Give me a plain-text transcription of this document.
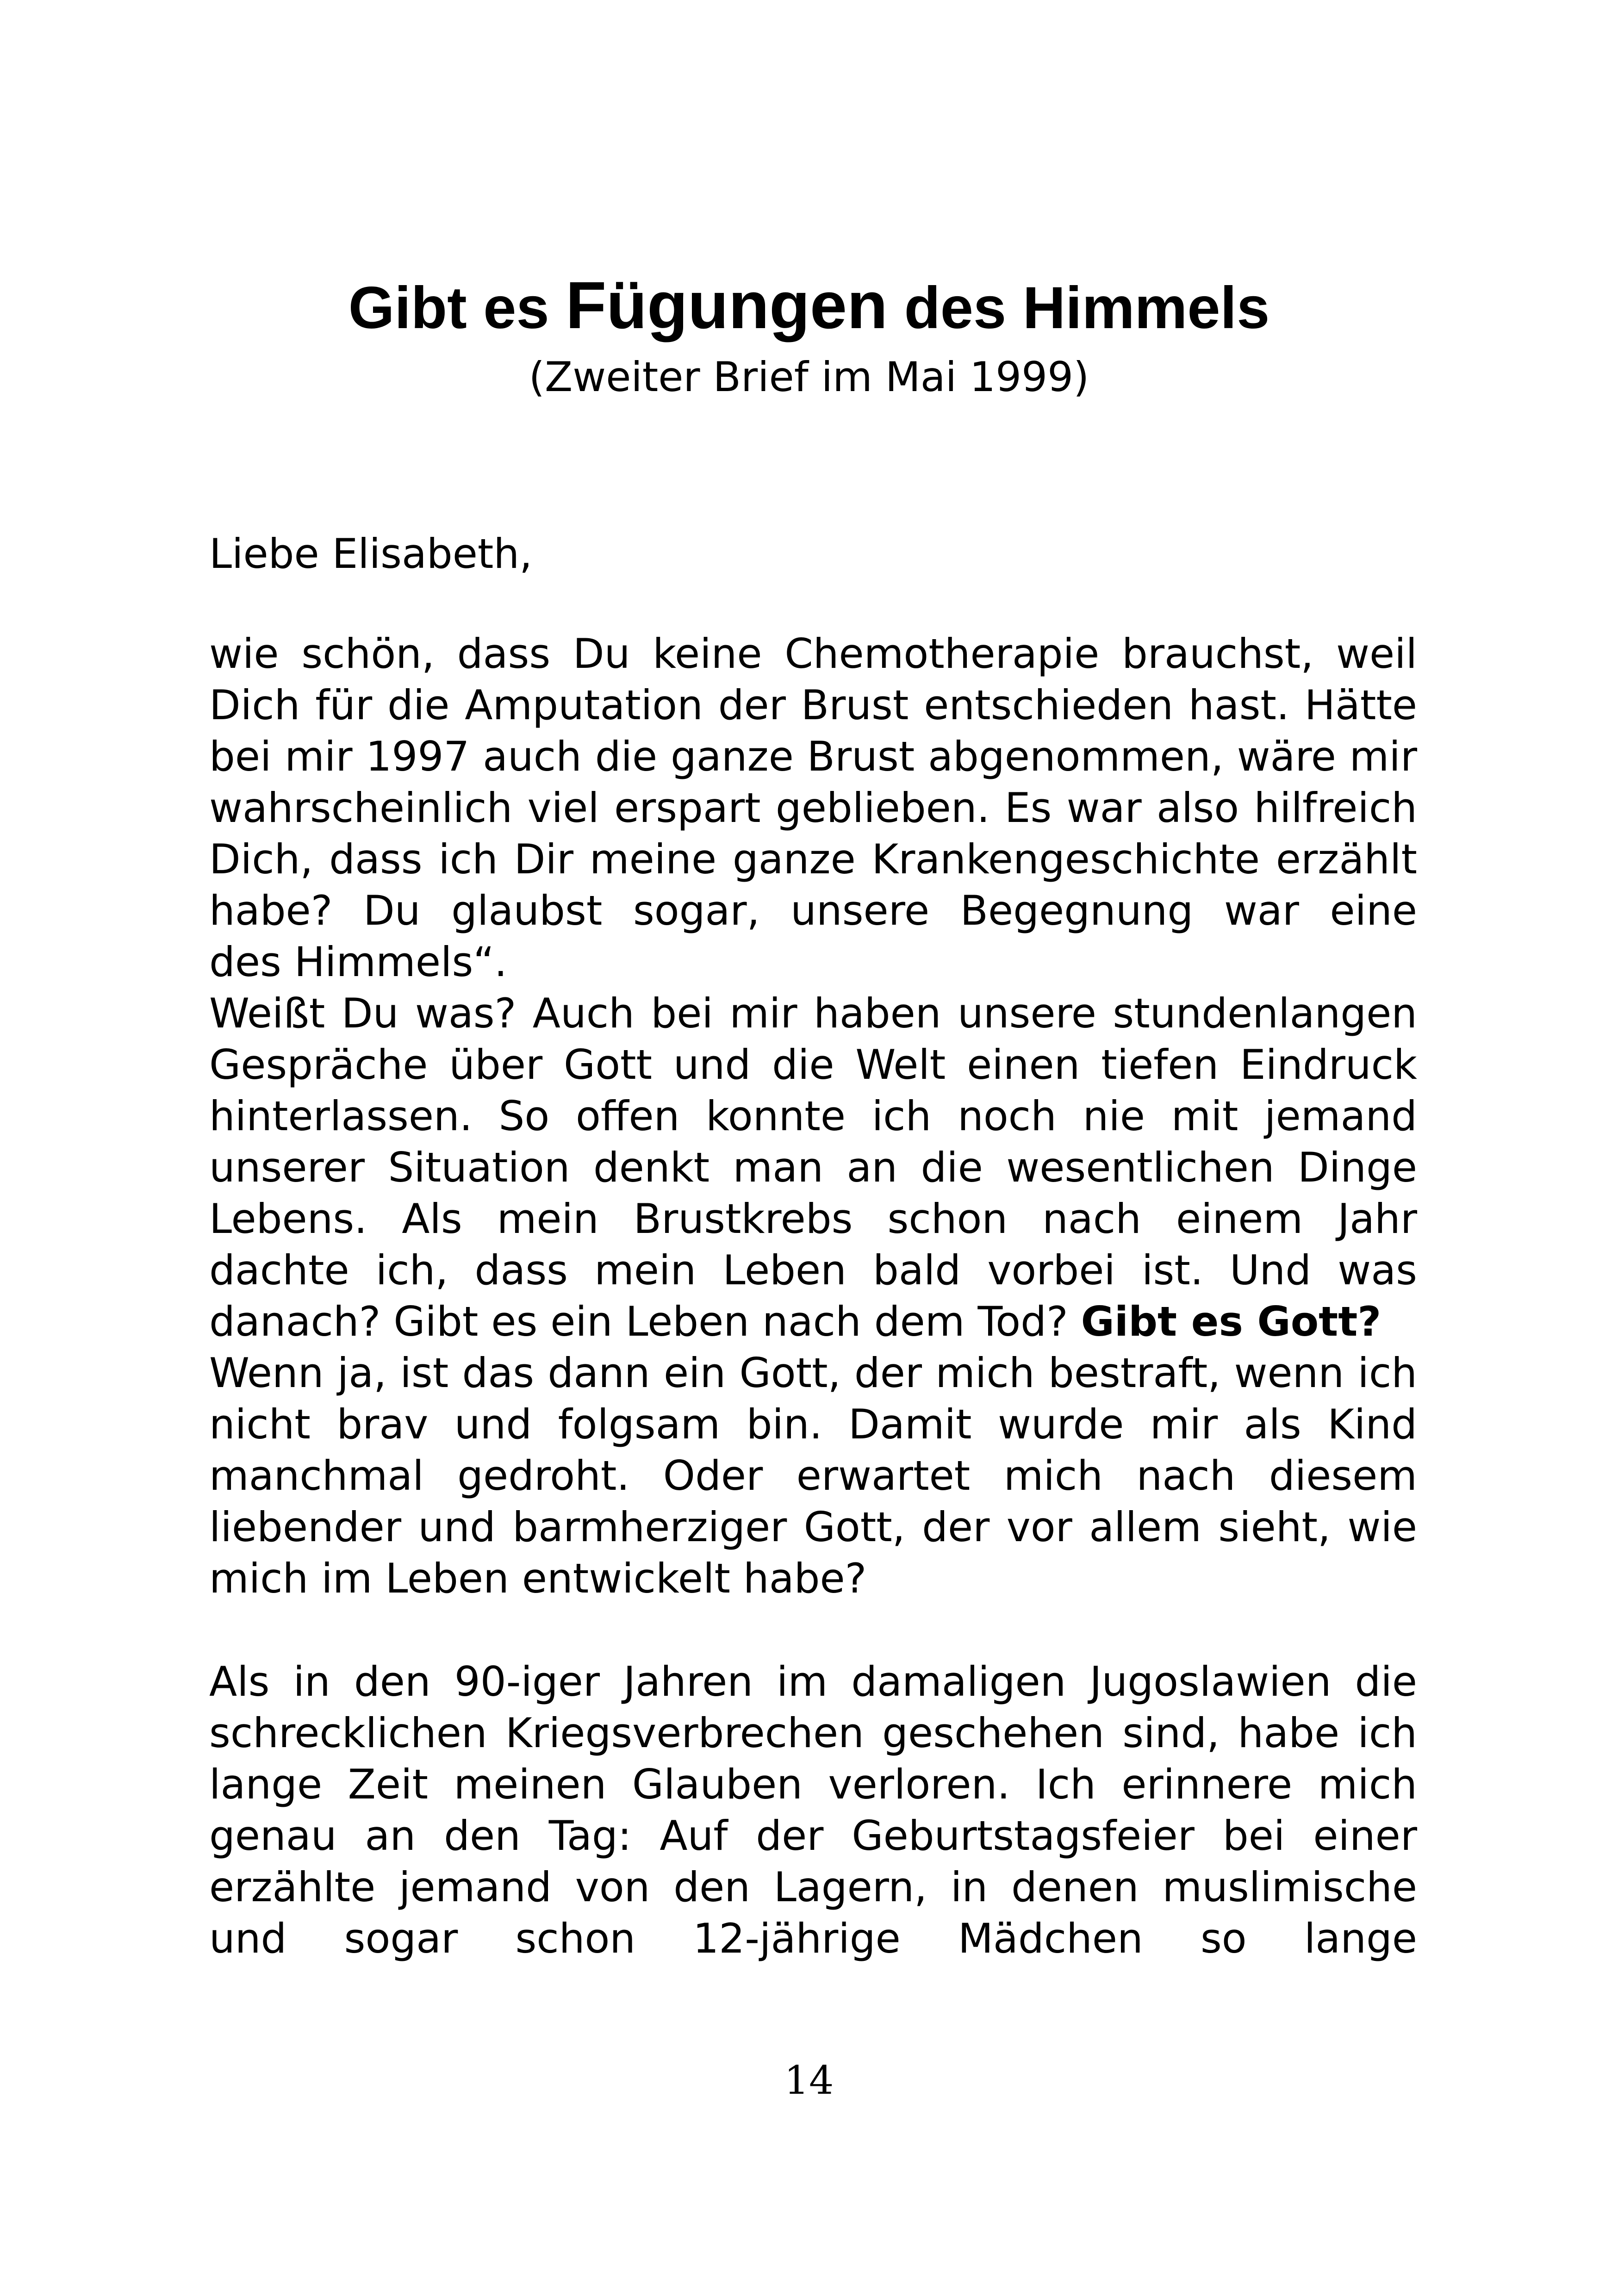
Gibt es Fügungen des Himmels
(Zweiter Brief im Mai 1999)
Liebe Elisabeth,
wie schön, dass Du keine Chemotherapie brauchst, weil
Dich für die Amputation der Brust entschieden hast. Hätte
bei mir 1997 auch die ganze Brust abgenommen, wäre mir
wahrscheinlich viel erspart geblieben. Es war also hilfreich
Dich, dass ich Dir meine ganze Krankengeschichte erzählt
habe? Du glaubst sogar, unsere Begegnung war eine
des Himmels“.
Weißt Du was? Auch bei mir haben unsere stundenlangen
Gespräche über Gott und die Welt einen tiefen Eindruck
hinterlassen. So offen konnte ich noch nie mit jemand
unserer Situation denkt man an die wesentlichen Dinge
Lebens. Als mein Brustkrebs schon nach einem Jahr
dachte ich, dass mein Leben bald vorbei ist. Und was
danach? Gibt es ein Leben nach dem Tod? Gibt es Gott?
Wenn ja, ist das dann ein Gott, der mich bestraft, wenn ich
nicht brav und folgsam bin. Damit wurde mir als Kind
manchmal gedroht. Oder erwartet mich nach diesem
liebender und barmherziger Gott, der vor allem sieht, wie
mich im Leben entwickelt habe?
Als in den 90-iger Jahren im damaligen Jugoslawien die
schrecklichen Kriegsverbrechen geschehen sind, habe ich
lange Zeit meinen Glauben verloren. Ich erinnere mich
genau an den Tag: Auf der Geburtstagsfeier bei einer
erzählte jemand von den Lagern, in denen muslimische
und sogar schon 12-jährige Mädchen so lange
14
